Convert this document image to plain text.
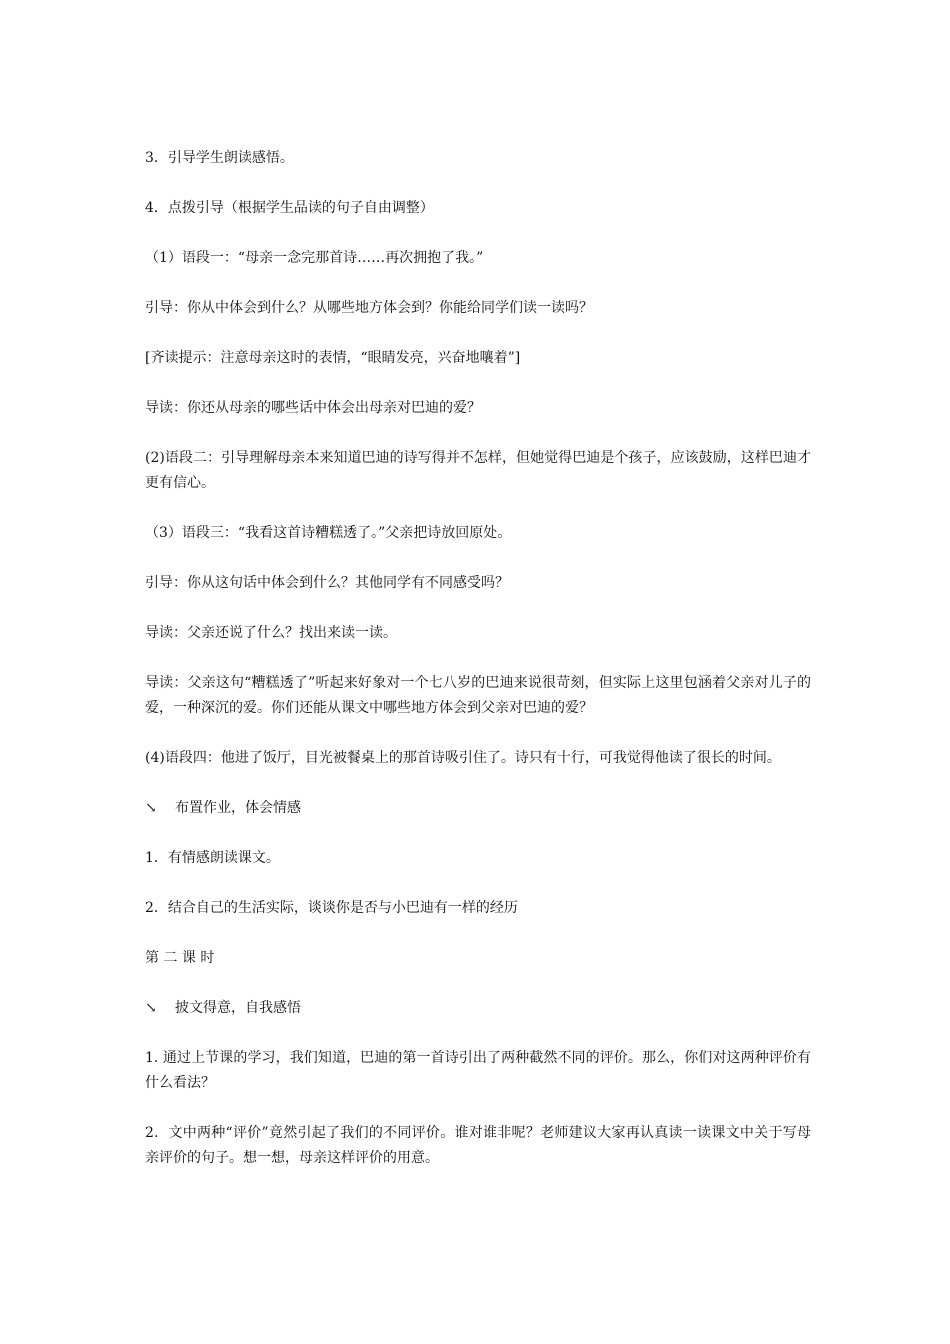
3．引导学生朗读感悟。

4．点拨引导（根据学生品读的句子自由调整）

（1）语段一：“母亲一念完那首诗……再次拥抱了我。”

引导：你从中体会到什么？从哪些地方体会到？你能给同学们读一读吗？

[齐读提示：注意母亲这时的表情，“眼睛发亮，兴奋地嚷着”]

导读：你还从母亲的哪些话中体会出母亲对巴迪的爱？

(2)语段二：引导理解母亲本来知道巴迪的诗写得并不怎样，但她觉得巴迪是个孩子，应该鼓励，这样巴迪才更有信心。

（3）语段三：“我看这首诗糟糕透了。”父亲把诗放回原处。

引导：你从这句话中体会到什么？其他同学有不同感受吗？

导读：父亲还说了什么？找出来读一读。

导读：父亲这句“糟糕透了”听起来好象对一个七八岁的巴迪来说很苛刻，但实际上这里包涵着父亲对儿子的爱，一种深沉的爱。你们还能从课文中哪些地方体会到父亲对巴迪的爱？

(4)语段四：他进了饭厅，目光被餐桌上的那首诗吸引住了。诗只有十行，可我觉得他读了很长的时间。

↘ 布置作业，体会情感

1．有情感朗读课文。

2．结合自己的生活实际，谈谈你是否与小巴迪有一样的经历

第 二 课 时

↘ 披文得意，自我感悟

1. 通过上节课的学习，我们知道，巴迪的第一首诗引出了两种截然不同的评价。那么，你们对这两种评价有什么看法？

2．文中两种“评价”竟然引起了我们的不同评价。谁对谁非呢？老师建议大家再认真读一读课文中关于写母亲评价的句子。想一想，母亲这样评价的用意。
